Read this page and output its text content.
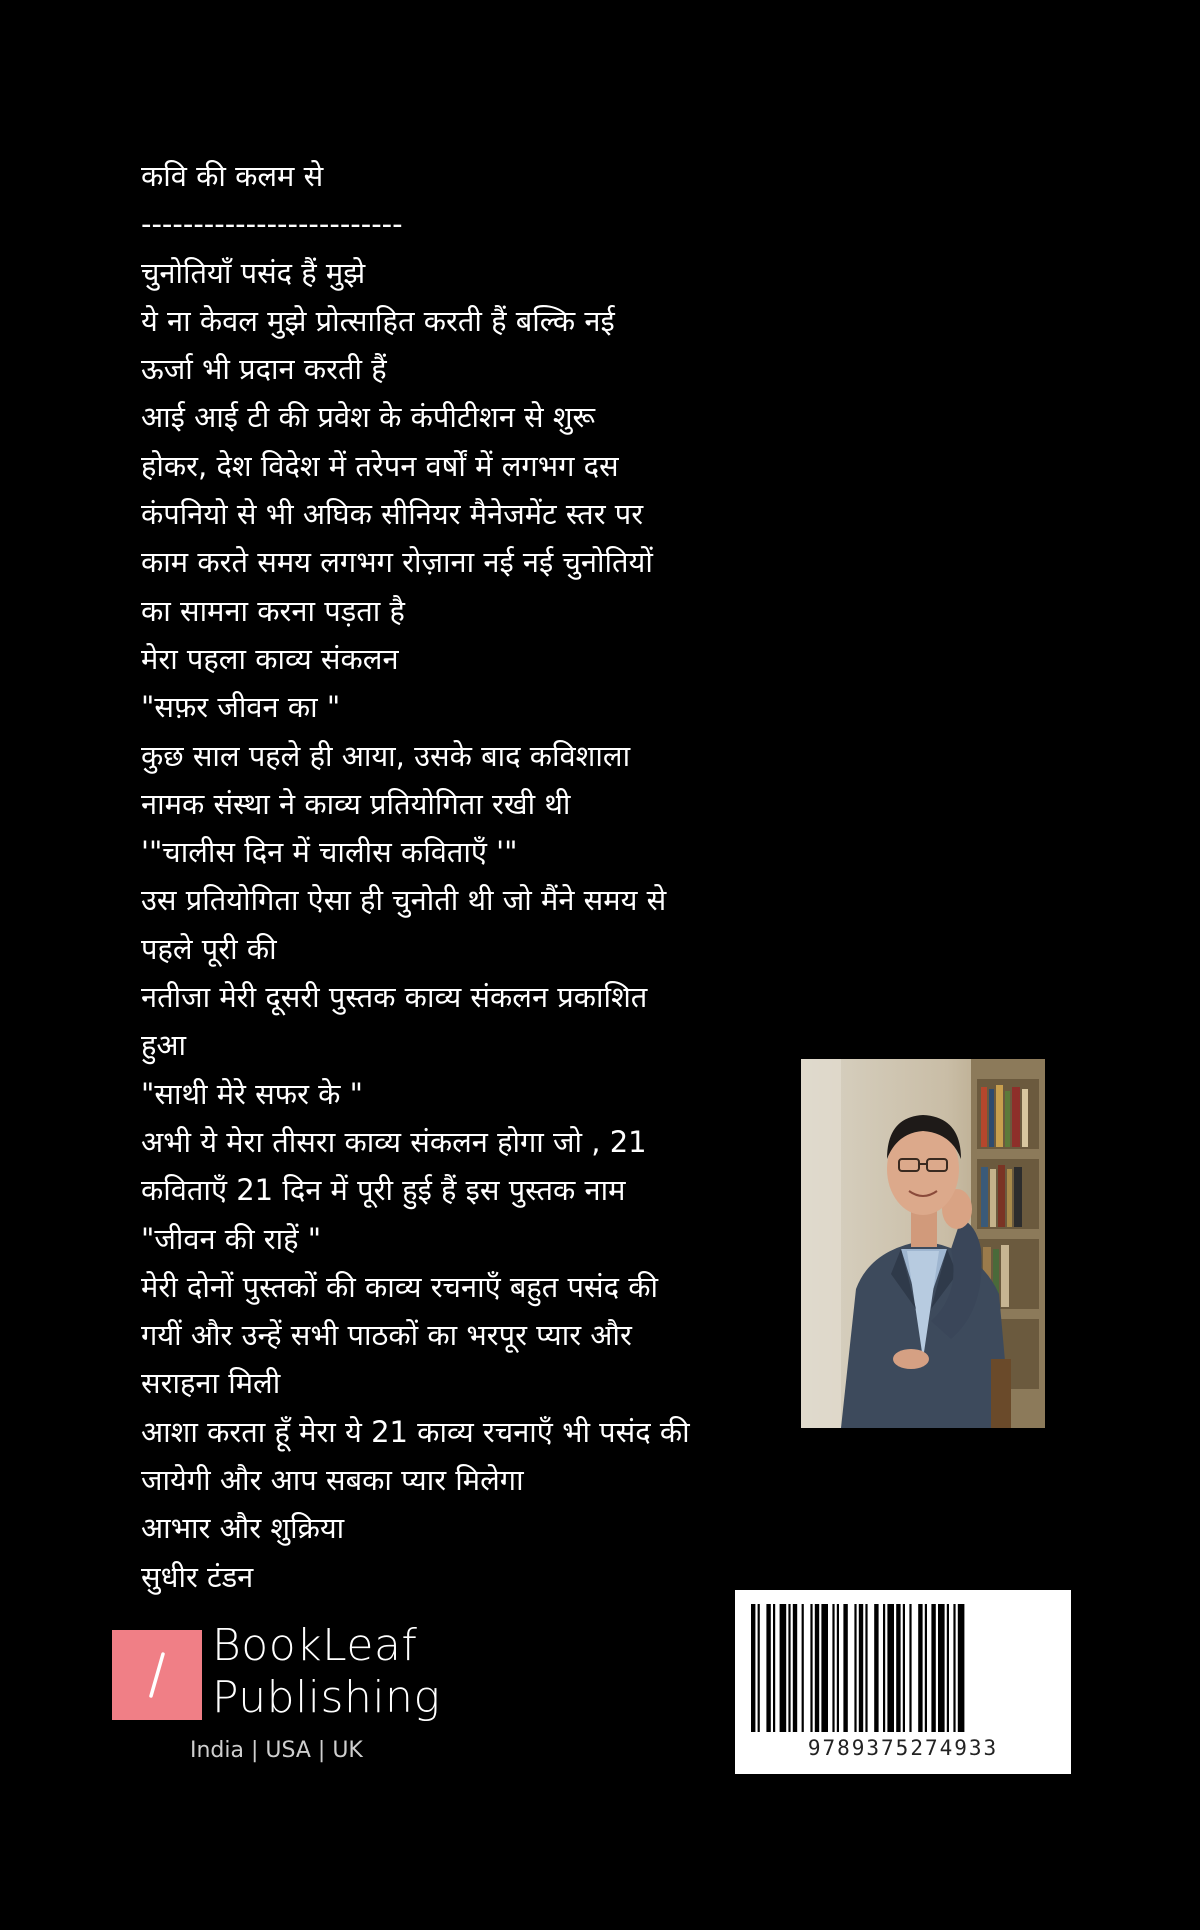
कवि की कलम से
-------------------------
चुनोतियाँ पसंद हैं मुझे
ये ना केवल मुझे प्रोत्साहित करती हैं बल्कि नई
ऊर्जा भी प्रदान करती हैं
आई आई टी की प्रवेश के कंपीटीशन से शुरू
होकर, देश विदेश में तरेपन वर्षों में लगभग दस
कंपनियो से भी अघिक सीनियर मैनेजमेंट स्तर पर
काम करते समय लगभग रोज़ाना नई नई चुनोतियों
का सामना करना पड़ता है
मेरा पहला काव्य संकलन
"सफ़र जीवन का "
कुछ साल पहले ही आया, उसके बाद कविशाला
नामक संस्था ने काव्य प्रतियोगिता रखी थी
'"चालीस दिन में चालीस कविताएँ '"
उस प्रतियोगिता ऐसा ही चुनोती थी जो मैंने समय से
पहले पूरी की
नतीजा मेरी दूसरी पुस्तक काव्य संकलन प्रकाशित
हुआ
"साथी मेरे सफर के "
अभी ये मेरा तीसरा काव्य संकलन होगा जो , 21
कविताएँ 21 दिन में पूरी हुई हैं इस पुस्तक नाम
"जीवन की राहें "
मेरी दोनों पुस्तकों की काव्य रचनाएँ बहुत पसंद की
गयीं और उन्हें सभी पाठकों का भरपूर प्यार और
सराहना मिली
आशा करता हूँ मेरा ये 21 काव्य रचनाएँ भी पसंद की
जायेगी और आप सबका प्यार मिलेगा
आभार और शुक्रिया
सुधीर टंडन
BookLeaf
Publishing
India | USA | UK	9789375274933
